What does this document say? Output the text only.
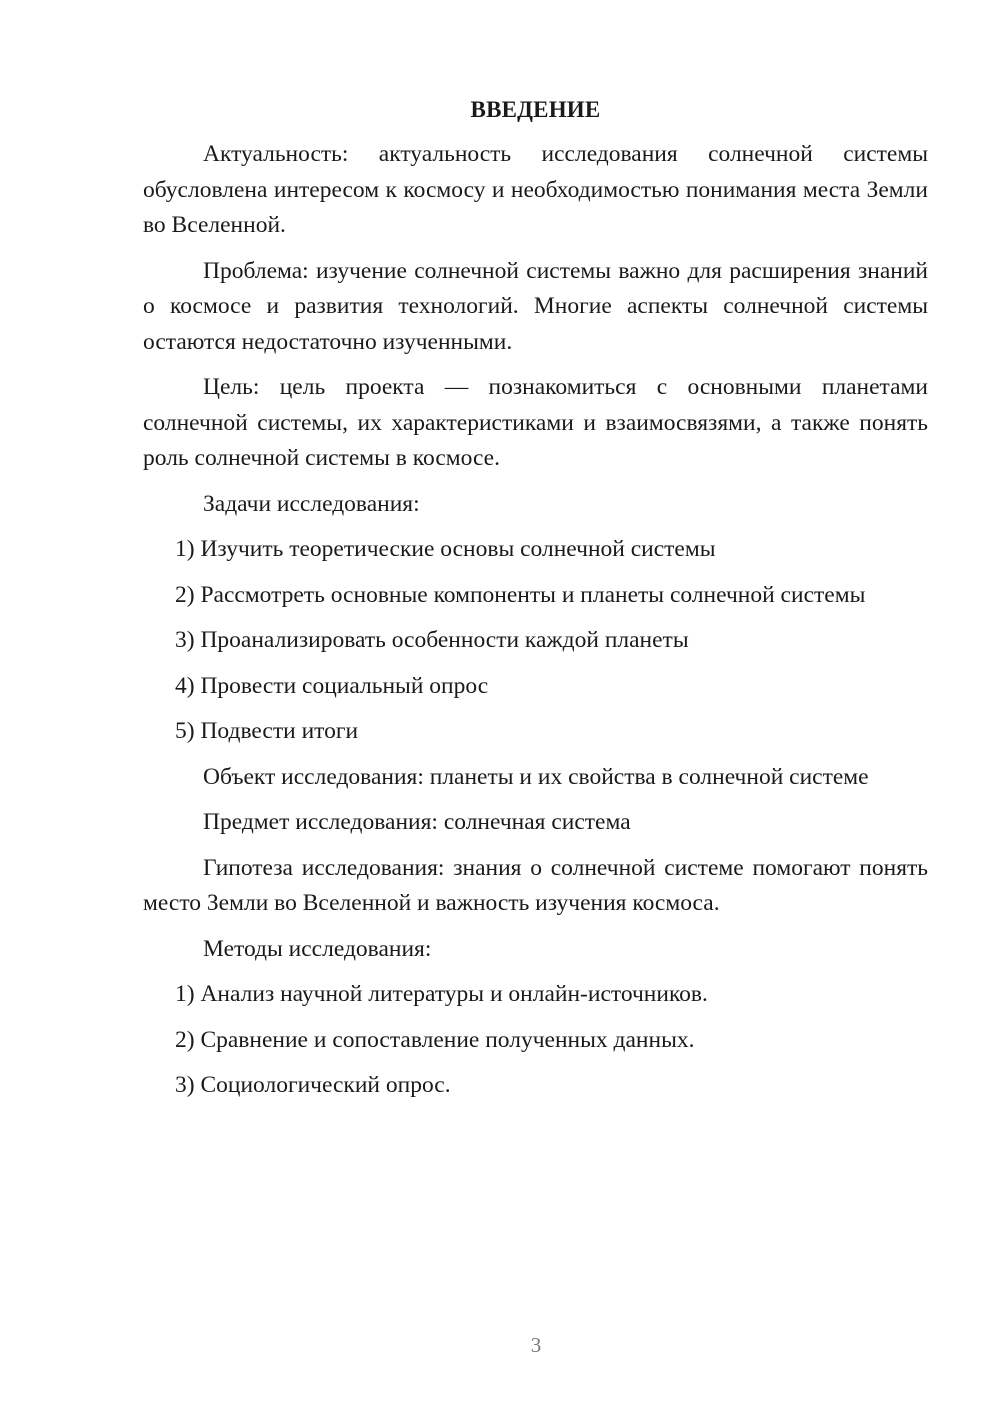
ВВЕДЕНИЕ
Актуальность: актуальность исследования солнечной системы обусловлена интересом к космосу и необходимостью понимания места Земли во Вселенной.
Проблема: изучение солнечной системы важно для расширения знаний о космосе и развития технологий. Многие аспекты солнечной системы остаются недостаточно изученными.
Цель: цель проекта — познакомиться с основными планетами солнечной системы, их характеристиками и взаимосвязями, а также понять роль солнечной системы в космосе.
Задачи исследования:
1) Изучить теоретические основы солнечной системы
2) Рассмотреть основные компоненты и планеты солнечной системы
3) Проанализировать особенности каждой планеты
4) Провести социальный опрос
5) Подвести итоги
Объект исследования: планеты и их свойства в солнечной системе
Предмет исследования: солнечная система
Гипотеза исследования: знания о солнечной системе помогают понять место Земли во Вселенной и важность изучения космоса.
Методы исследования:
1) Анализ научной литературы и онлайн-источников.
2) Сравнение и сопоставление полученных данных.
3) Социологический опрос.
3
